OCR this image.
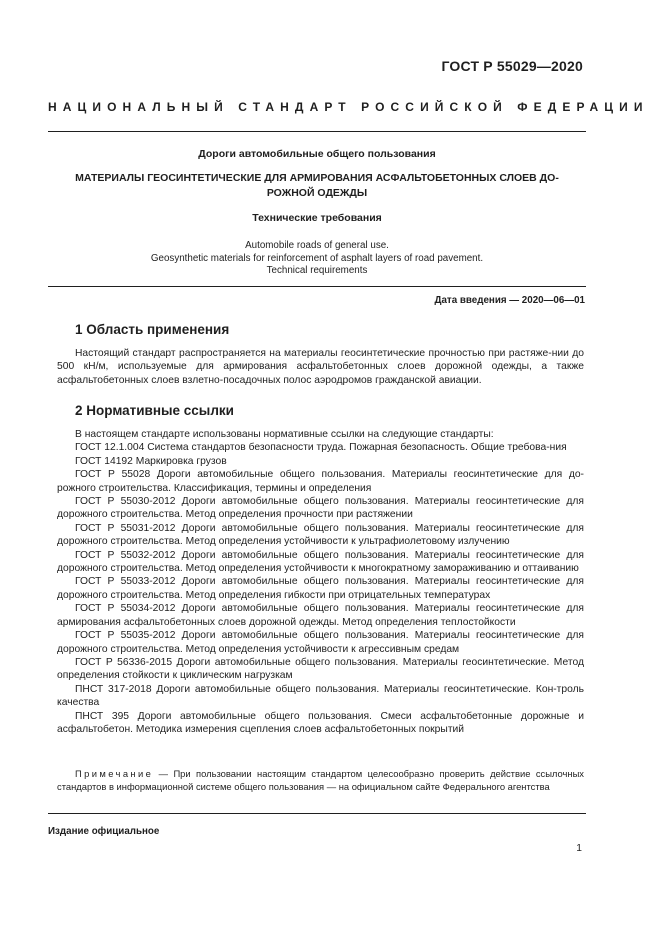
ГОСТ Р 55029—2020
НАЦИОНАЛЬНЫЙ СТАНДАРТ РОССИЙСКОЙ ФЕДЕРАЦИИ
Дороги автомобильные общего пользования
МАТЕРИАЛЫ ГЕОСИНТЕТИЧЕСКИЕ ДЛЯ АРМИРОВАНИЯ АСФАЛЬТОБЕТОННЫХ СЛОЕВ ДО-РОЖНОЙ ОДЕЖДЫ
Технические требования
Automobile roads of general use.
Geosynthetic materials for reinforcement of asphalt layers of road pavement.
Technical requirements
Дата введения — 2020—06—01
1 Область применения

Настоящий стандарт распространяется на материалы геосинтетические прочностью при растяже-нии до 500 кН/м, используемые для армирования асфальтобетонных слоев дорожной одежды, а также асфальтобетонных слоев взлетно-посадочных полос аэродромов гражданской авиации.

2 Нормативные ссылки

В настоящем стандарте использованы нормативные ссылки на следующие стандарты:

ГОСТ 12.1.004 Система стандартов безопасности труда. Пожарная безопасность. Общие требова-ния

ГОСТ 14192 Маркировка грузов

ГОСТ Р 55028 Дороги автомобильные общего пользования. Материалы геосинтетические для до-рожного строительства. Классификация, термины и определения

ГОСТ Р 55030-2012 Дороги автомобильные общего пользования. Материалы геосинтетические для дорожного строительства. Метод определения прочности при растяжении

ГОСТ Р 55031-2012 Дороги автомобильные общего пользования. Материалы геосинтетические для дорожного строительства. Метод определения устойчивости к ультрафиолетовому излучению

ГОСТ Р 55032-2012 Дороги автомобильные общего пользования. Материалы геосинтетические для дорожного строительства. Метод определения устойчивости к многократному замораживанию и оттаиванию

ГОСТ Р 55033-2012 Дороги автомобильные общего пользования. Материалы геосинтетические для дорожного строительства. Метод определения гибкости при отрицательных температурах

ГОСТ Р 55034-2012 Дороги автомобильные общего пользования. Материалы геосинтетические для армирования асфальтобетонных слоев дорожной одежды. Метод определения теплостойкости

ГОСТ Р 55035-2012 Дороги автомобильные общего пользования. Материалы геосинтетические для дорожного строительства. Метод определения устойчивости к агрессивным средам

ГОСТ Р 56336-2015 Дороги автомобильные общего пользования. Материалы геосинтетические. Метод определения стойкости к циклическим нагрузкам

ПНСТ 317-2018 Дороги автомобильные общего пользования. Материалы геосинтетические. Кон-троль качества

ПНСТ 395 Дороги автомобильные общего пользования. Смеси асфальтобетонные дорожные и асфальтобетон. Методика измерения сцепления слоев асфальтобетонных покрытий

Примечание — При пользовании настоящим стандартом целесообразно проверить действие ссылочных стандартов в информационной системе общего пользования — на официальном сайте Федерального агентства

Издание официальное
1
